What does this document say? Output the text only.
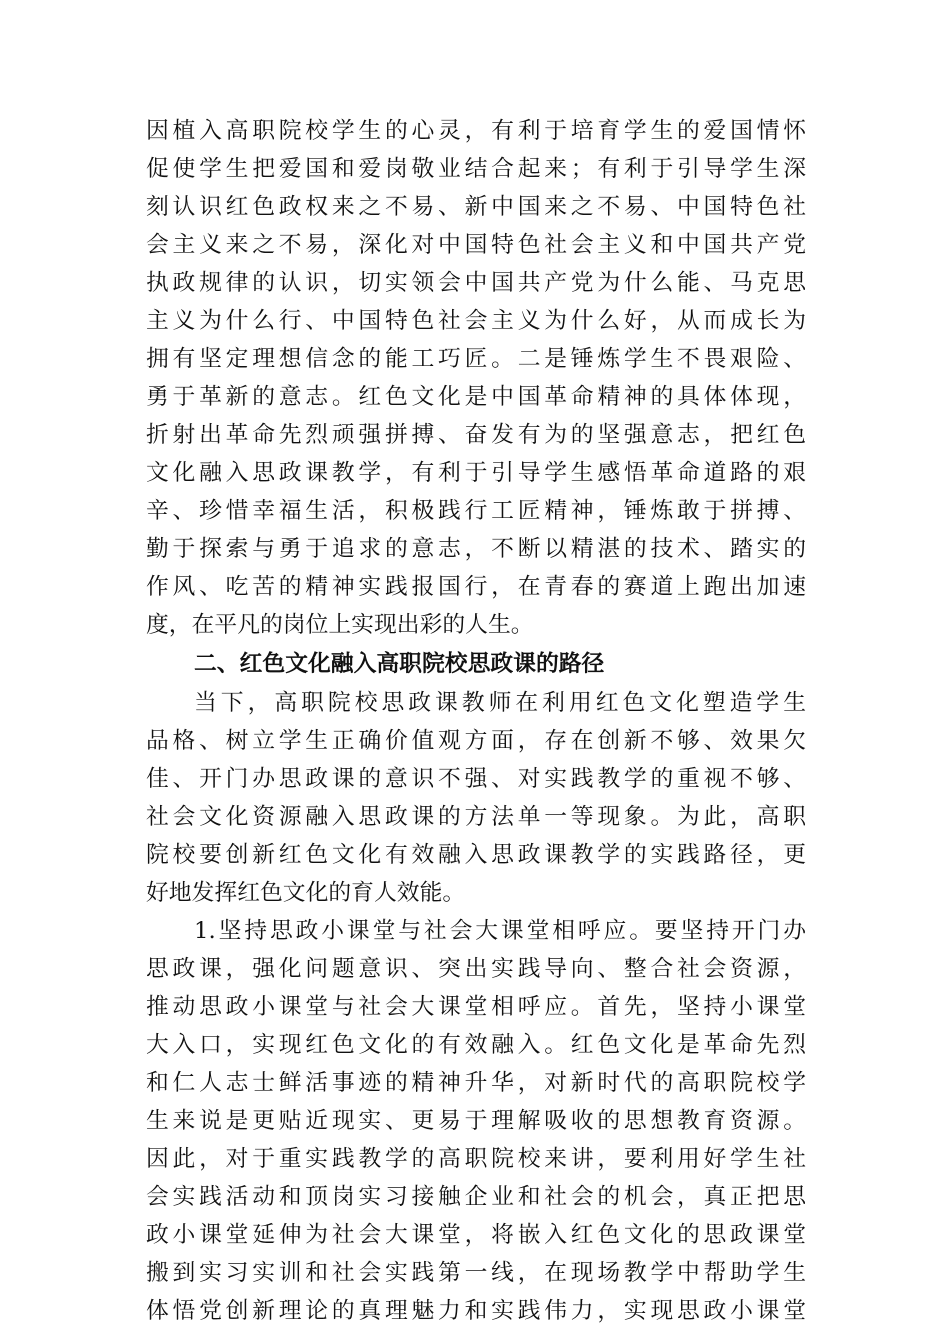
因植入高职院校学生的心灵，有利于培育学生的爱国情怀
促使学生把爱国和爱岗敬业结合起来；有利于引导学生深
刻认识红色政权来之不易、新中国来之不易、中国特色社
会主义来之不易，深化对中国特色社会主义和中国共产党
执政规律的认识，切实领会中国共产党为什么能、马克思
主义为什么行、中国特色社会主义为什么好，从而成长为
拥有坚定理想信念的能工巧匠。二是锤炼学生不畏艰险、
勇于革新的意志。红色文化是中国革命精神的具体体现，
折射出革命先烈顽强拼搏、奋发有为的坚强意志，把红色
文化融入思政课教学，有利于引导学生感悟革命道路的艰
辛、珍惜幸福生活，积极践行工匠精神，锤炼敢于拼搏、
勤于探索与勇于追求的意志，不断以精湛的技术、踏实的
作风、吃苦的精神实践报国行，在青春的赛道上跑出加速
度，在平凡的岗位上实现出彩的人生。
二、红色文化融入高职院校思政课的路径
当下，高职院校思政课教师在利用红色文化塑造学生
品格、树立学生正确价值观方面，存在创新不够、效果欠
佳、开门办思政课的意识不强、对实践教学的重视不够、
社会文化资源融入思政课的方法单一等现象。为此，高职
院校要创新红色文化有效融入思政课教学的实践路径，更
好地发挥红色文化的育人效能。
1.坚持思政小课堂与社会大课堂相呼应。要坚持开门办
思政课，强化问题意识、突出实践导向、整合社会资源，
推动思政小课堂与社会大课堂相呼应。首先，坚持小课堂
大入口，实现红色文化的有效融入。红色文化是革命先烈
和仁人志士鲜活事迹的精神升华，对新时代的高职院校学
生来说是更贴近现实、更易于理解吸收的思想教育资源。
因此，对于重实践教学的高职院校来讲，要利用好学生社
会实践活动和顶岗实习接触企业和社会的机会，真正把思
政小课堂延伸为社会大课堂，将嵌入红色文化的思政课堂
搬到实习实训和社会实践第一线，在现场教学中帮助学生
体悟党创新理论的真理魅力和实践伟力，实现思政小课堂
